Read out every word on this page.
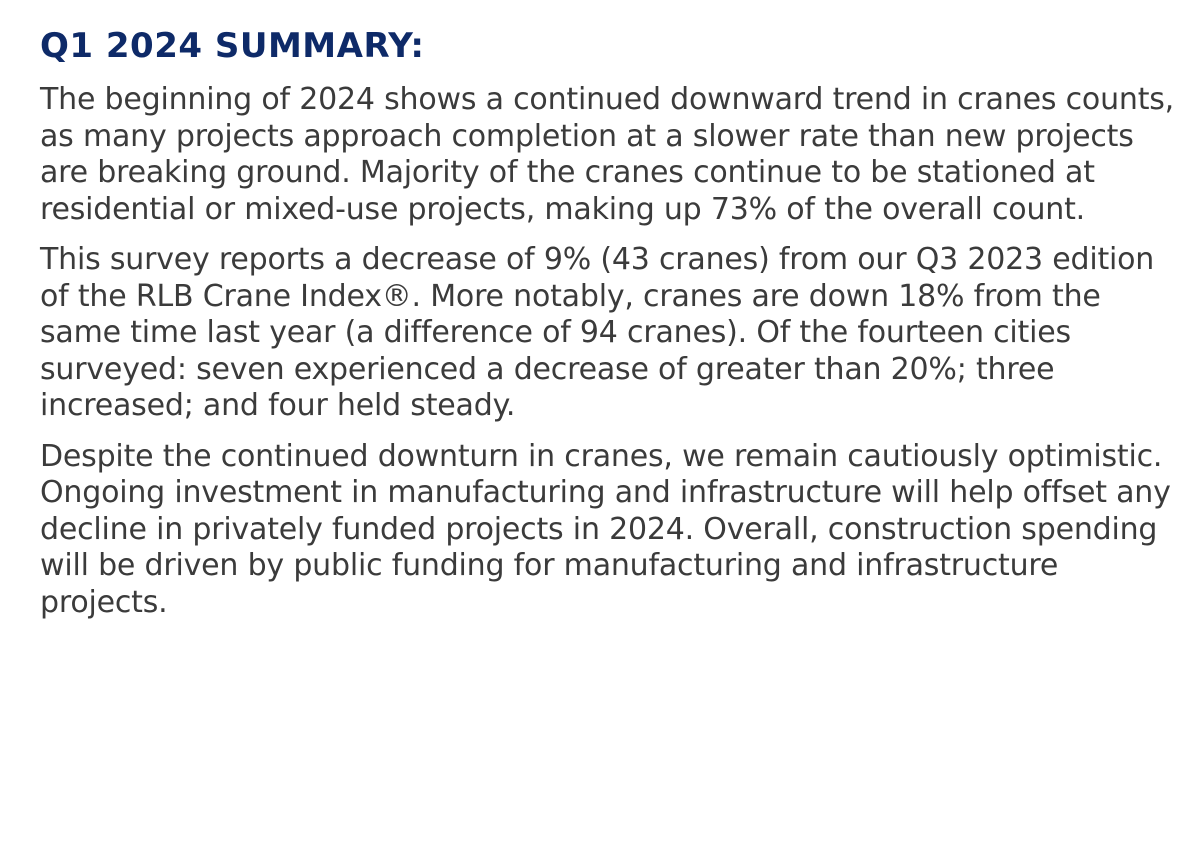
Q1 2024 SUMMARY:

The beginning of 2024 shows a continued downward trend in cranes counts, as many projects approach completion at a slower rate than new projects are breaking ground. Majority of the cranes continue to be stationed at residential or mixed-use projects, making up 73% of the overall count.

This survey reports a decrease of 9% (43 cranes) from our Q3 2023 edition of the RLB Crane Index®. More notably, cranes are down 18% from the same time last year (a difference of 94 cranes). Of the fourteen cities surveyed: seven experienced a decrease of greater than 20%; three increased; and four held steady.

Despite the continued downturn in cranes, we remain cautiously optimistic. Ongoing investment in manufacturing and infrastructure will help offset any decline in privately funded projects in 2024. Overall, construction spending will be driven by public funding for manufacturing and infrastructure projects.
